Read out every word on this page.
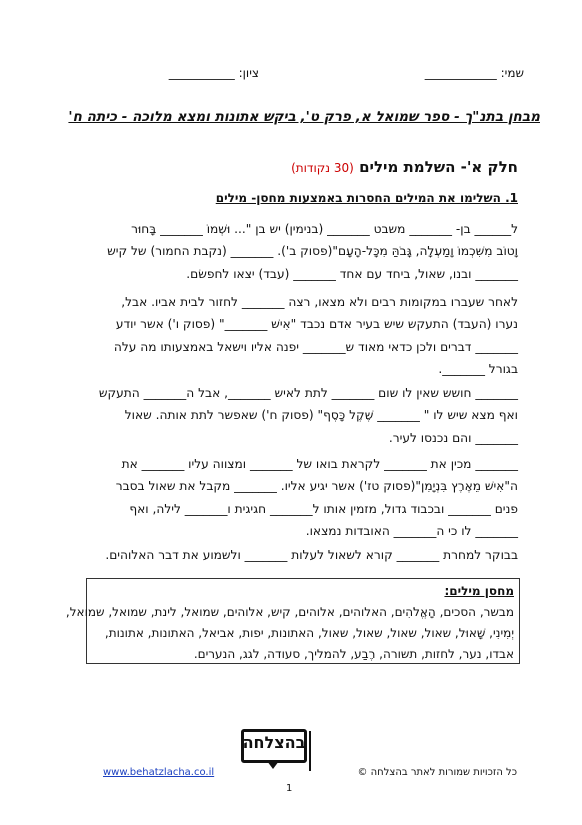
שמי: ____________
ציון: ___________
מבחן בתנ"ך - ספר שמואל א, פרק ט', ביקש אתונות ומצא מלוכה - כיתה ח'
חלק א'- השלמת מילים (30 נקודות)
1. השלימו את המילים החסרות באמצעות מחסן- מילים
ל______ בן- _______ משבט _______ (בנימין) יש בן "... וּשְׁמוֹ _______ בָּחוּר
וָטוֹב מִשִּׁכְמוֹ וָמַעְלָה, גָּבֹהַּ מִכָּל-הָעָם"(פסוק ב'). _______ (נקבת החמור) של קיש
_______ ובנו, שאול, ביחד עם אחד _______ (עבד) יצאו לחפשׂם.
לאחר שעברו במקומות רבים ולא מצאו, רצה _______ לחזור לבית אביו. אבל,
נערו (העבד) התעקש שיש בעיר אדם נכבד "אִישׁ _______" (פסוק ו') אשר יודע
_______ דברים ולכן כדאי מאוד ש_______ יפנה אליו וישאל באמצעותו מה עלה
בגורל _______.
_______ חושש שאין לו שום _______ לתת לאיש _______, אבל ה_______ התעקש
ואף מצא שיש לו " _______ שֶׁקֶל כָּסֶף" (פסוק ח') שאפשר לתת אותה. שאול
_______ והם נכנסו לעיר.
_______ מכין את _______ לקראת בואו של _______ ומצווה עליו _______ את
ה"אִישׁ מֵאֶרֶץ בִּנְיָמִן"(פסוק טז') אשר יגיע אליו. _______ מקבל את שאול בסבר
פנים _______ ובכבוד גדול, מזמין אותו ל_______ חגיגית ו_______ לילה, ואף
_______ לו כי ה_______ האובדות נמצאו.
בבוקר למחרת _______ קורא לשאול לעלות _______ ולשמוע את דבר האלוהים.
מחסן מילים:
מבשר, הסכים, הָאֱלֹהִים, האלוהים, אלוהים, קיש, אלוהים, שמואל, לינת, שמואל, שמואל,
יְמִינִי, שָׁאוּל, שאול, שאול, שאול, שאול, האתונות, יפות, אביאל, האתונות, אתונות,
אבדו, נער, לחזות, תשורה, רֶבַע, להמליך, סעודה, לגג, הנערים.
בהצלחה
www.behatzlacha.co.il	כל הזכויות שמורות לאתר בהצלחה ©
1
